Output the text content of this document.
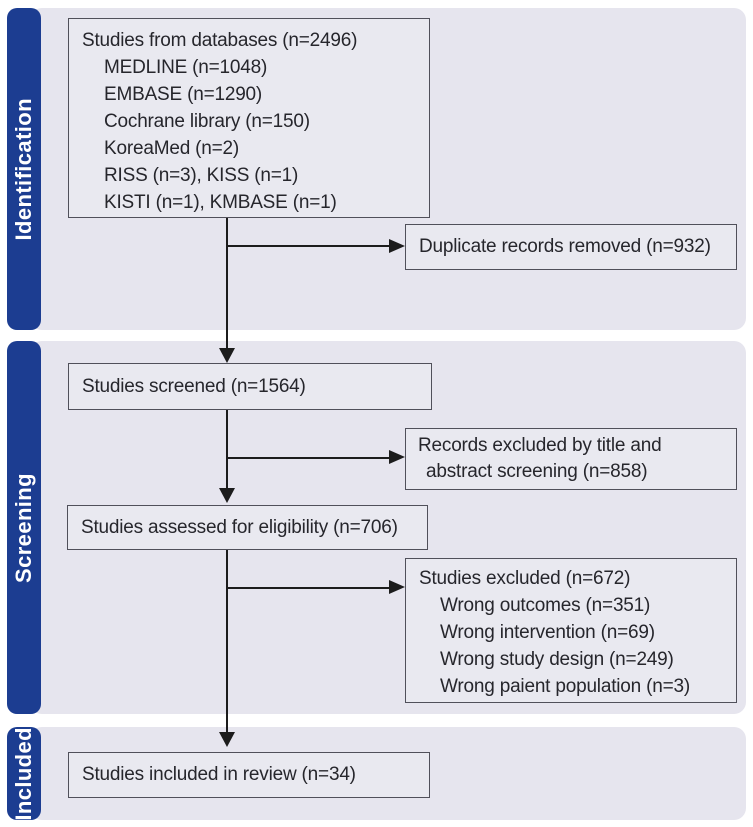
Identification
Screening
Included
Studies from databases (n=2496)
MEDLINE (n=1048)
EMBASE (n=1290)
Cochrane library (n=150)
KoreaMed (n=2)
RISS (n=3), KISS (n=1)
KISTI (n=1), KMBASE (n=1)
Duplicate records removed (n=932)
Studies screened (n=1564)
Records excluded by title and
abstract screening (n=858)
Studies assessed for eligibility (n=706)
Studies excluded (n=672)
Wrong outcomes (n=351)
Wrong intervention (n=69)
Wrong study design (n=249)
Wrong paient population (n=3)
Studies included in review (n=34)
